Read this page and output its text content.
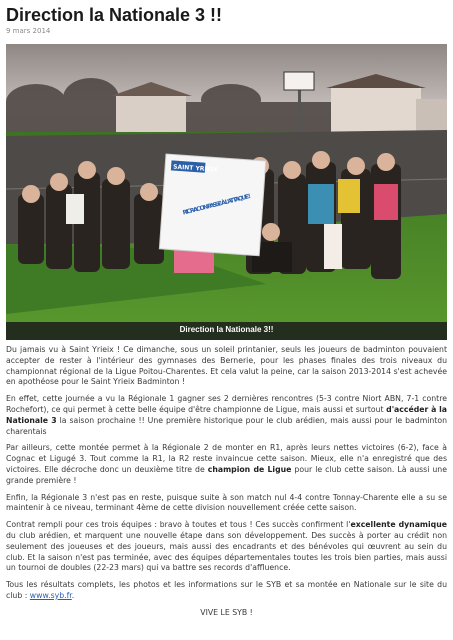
Direction la Nationale 3 !!
9 mars 2014
SAINT YRIEIX
RIC RAC ON PASSE À L'ATTAQUE !
Direction la Nationale 3!!

Du jamais vu à Saint Yrieix ! Ce dimanche, sous un soleil printanier, seuls les joueurs de badminton pouvaient accepter de rester à l'intérieur des gymnases des Bernerie, pour les phases finales des trois niveaux du championnat régional de la Ligue Poitou-Charentes. Et cela valut la peine, car la saison 2013-2014 s'est achevée en apothéose pour le Saint Yrieix Badminton !

En effet, cette journée a vu la Régionale 1 gagner ses 2 dernières rencontres (5-3 contre Niort ABN, 7-1 contre Rochefort), ce qui permet à cette belle équipe d'être championne de Ligue, mais aussi et surtout d'accéder à la Nationale 3 la saison prochaine !! Une première historique pour le club arédien, mais aussi pour le badminton charentais

Par ailleurs, cette montée permet à la Régionale 2 de monter en R1, après leurs nettes victoires (6-2), face à Cognac et Ligugé 3. Tout comme la R1, la R2 reste invaincue cette saison. Mieux, elle n'a enregistré que des victoires. Elle décroche donc un deuxième titre de champion de Ligue pour le club cette saison. Là aussi une grande première !

Enfin, la Régionale 3 n'est pas en reste, puisque suite à son match nul 4-4 contre Tonnay-Charente elle a su se maintenir à ce niveau, terminant 4ème de cette division nouvellement créée cette saison.

Contrat rempli pour ces trois équipes : bravo à toutes et tous ! Ces succès confirment l'excellente dynamique du club arédien, et marquent une nouvelle étape dans son développement. Des succès à porter au crédit non seulement des joueuses et des joueurs, mais aussi des encadrants et des bénévoles qui œuvrent au sein du club. Et la saison n'est pas terminée, avec des équipes départementales toutes les trois bien parties, mais aussi un tournoi de doubles (22-23 mars) qui va battre ses records d'affluence.

Tous les résultats complets, les photos et les informations sur le SYB et sa montée en Nationale sur le site du club : www.syb.fr.

VIVE LE SYB !
